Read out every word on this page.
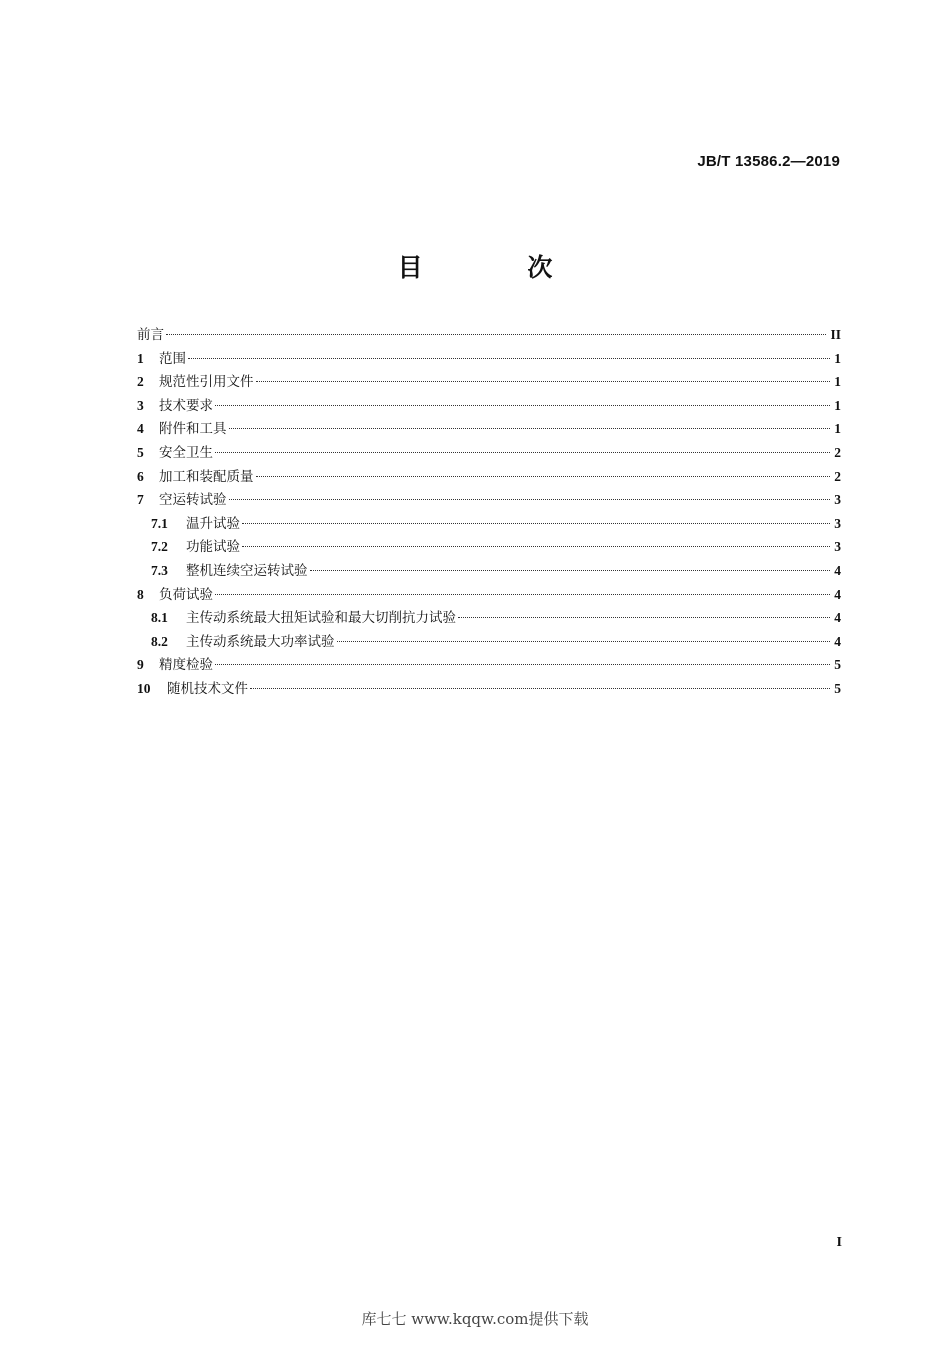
JB/T 13586.2—2019
目 次
前言	II
1	范围	1
2	规范性引用文件	1
3	技术要求	1
4	附件和工具	1
5	安全卫生	2
6	加工和装配质量	2
7	空运转试验	3
7.1	温升试验	3
7.2	功能试验	3
7.3	整机连续空运转试验	4
8	负荷试验	4
8.1	主传动系统最大扭矩试验和最大切削抗力试验	4
8.2	主传动系统最大功率试验	4
9	精度检验	5
10	随机技术文件	5
I
库七七 www.kqqw.com提供下载
